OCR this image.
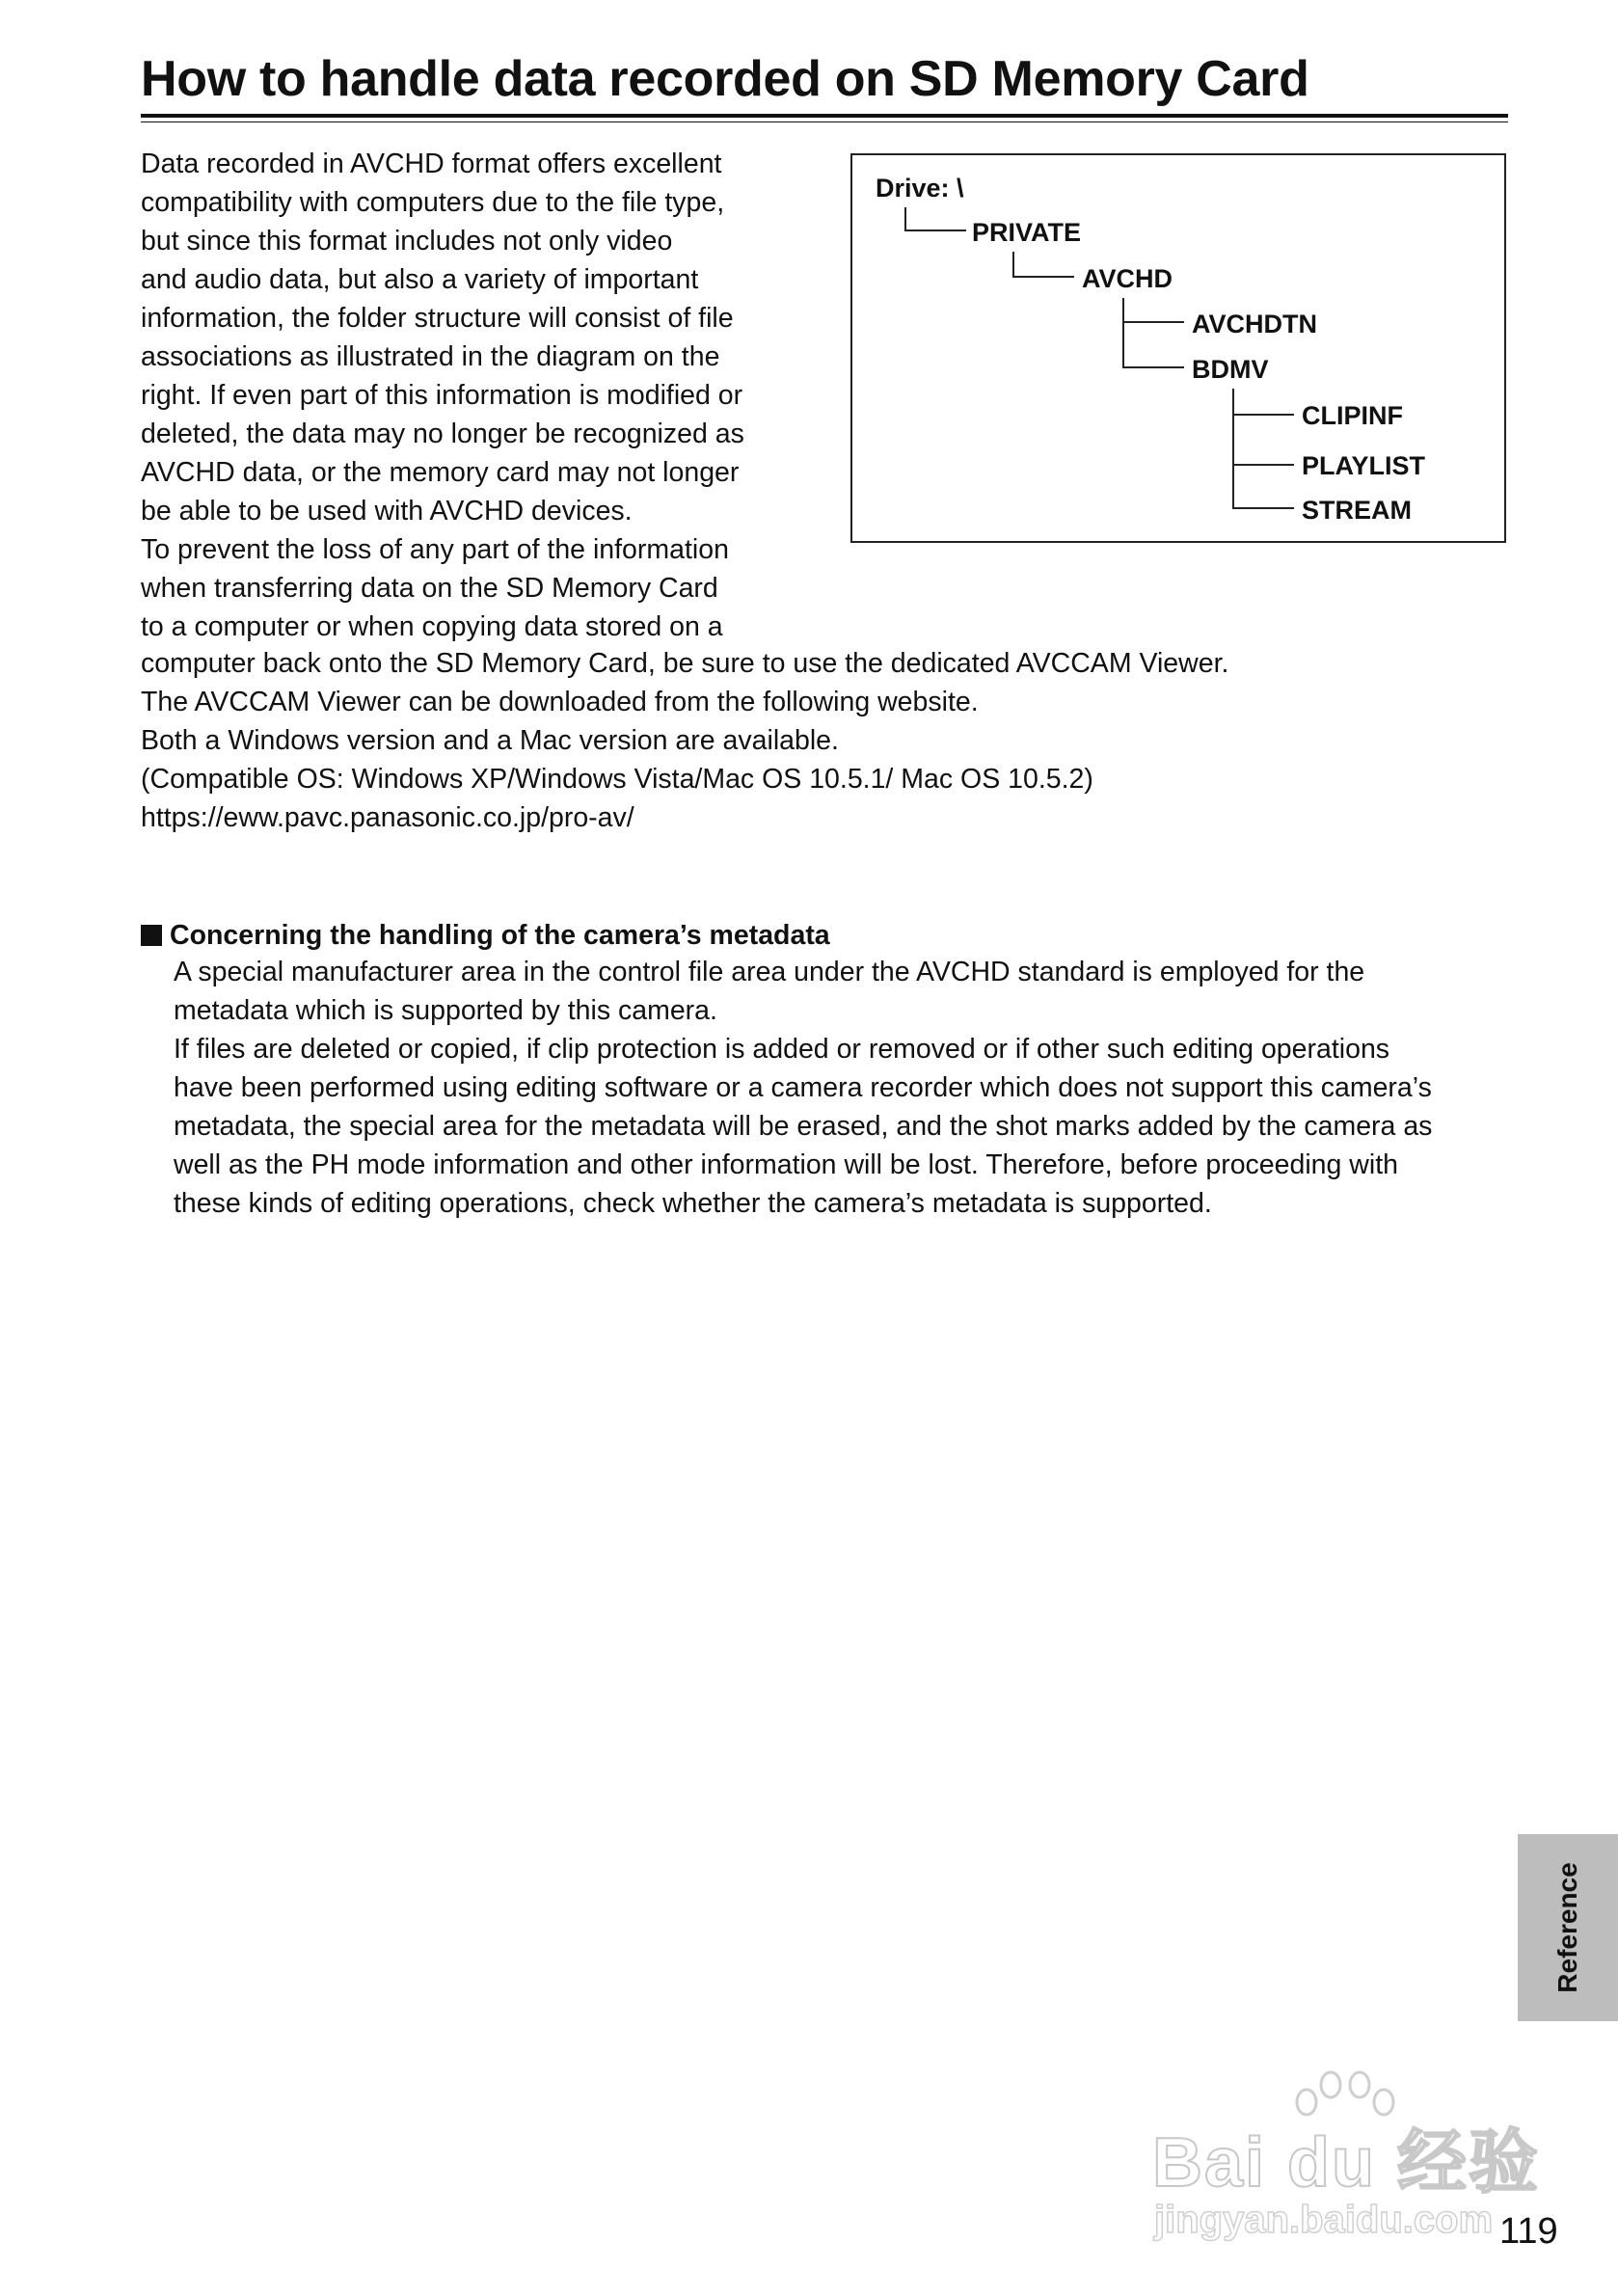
How to handle data recorded on SD Memory Card

Data recorded in AVCHD format offers excellent
compatibility with computers due to the file type,
but since this format includes not only video
and audio data, but also a variety of important
information, the folder structure will consist of file
associations as illustrated in the diagram on the
right. If even part of this information is modified or
deleted, the data may no longer be recognized as
AVCHD data, or the memory card may not longer
be able to be used with AVCHD devices.
To prevent the loss of any part of the information
when transferring data on the SD Memory Card
to a computer or when copying data stored on a

Drive: \
PRIVATE
AVCHD
AVCHDTN
BDMV
CLIPINF
PLAYLIST
STREAM

computer back onto the SD Memory Card, be sure to use the dedicated AVCCAM Viewer.
The AVCCAM Viewer can be downloaded from the following website.
Both a Windows version and a Mac version are available.
(Compatible OS: Windows XP/Windows Vista/Mac OS 10.5.1/ Mac OS 10.5.2)
https://eww.pavc.panasonic.co.jp/pro-av/

Concerning the handling of the camera’s metadata

A special manufacturer area in the control file area under the AVCHD standard is employed for the
metadata which is supported by this camera.
If files are deleted or copied, if clip protection is added or removed or if other such editing operations
have been performed using editing software or a camera recorder which does not support this camera’s
metadata, the special area for the metadata will be erased, and the shot marks added by the camera as
well as the PH mode information and other information will be lost. Therefore, before proceeding with
these kinds of editing operations, check whether the camera’s metadata is supported.

Reference
Bai du 经验
jingyan.baidu.com 119
